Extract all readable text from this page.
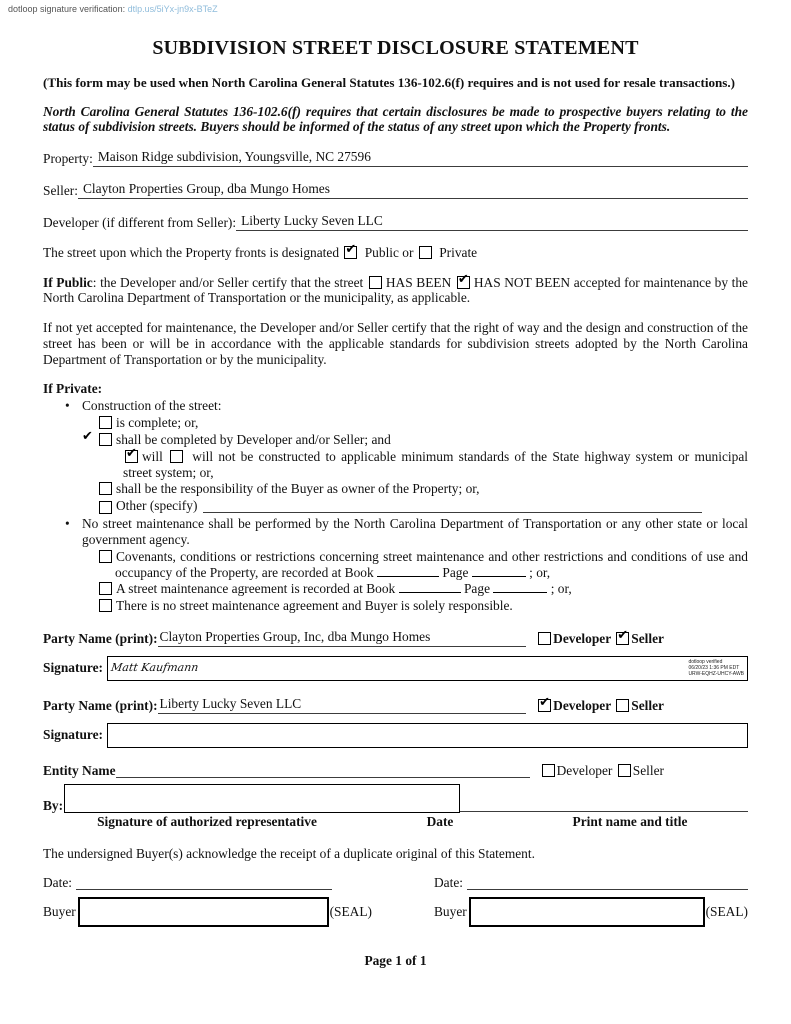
dotloop signature verification: dtlp.us/5iYx-jn9x-BTeZ
SUBDIVISION STREET DISCLOSURE STATEMENT
(This form may be used when North Carolina General Statutes 136-102.6(f) requires and is not used for resale transactions.)
North Carolina General Statutes 136-102.6(f) requires that certain disclosures be made to prospective buyers relating to the status of subdivision streets. Buyers should be informed of the status of any street upon which the Property fronts.
Property: Maison Ridge subdivision, Youngsville, NC 27596
Seller: Clayton Properties Group, dba Mungo Homes
Developer (if different from Seller): Liberty Lucky Seven LLC
The street upon which the Property fronts is designated ✔ Public or Private
If Public: the Developer and/or Seller certify that the street
HAS BEEN ✔ HAS NOT BEEN accepted for maintenance by the North Carolina Department of Transportation or the municipality, as applicable.
If not yet accepted for maintenance, the Developer and/or Seller certify that the right of way and the design and construction of the street has been or will be in accordance with the applicable standards for subdivision streets adopted by the North Carolina Department of Transportation or by the municipality.
If Private:
• Construction of the street:
is complete; or,
✔	shall be completed by Developer and/or Seller; and
✔ will
will not be constructed to applicable minimum standards of the State highway system or municipal street system; or,
shall be the responsibility of the Buyer as owner of the Property; or,
Other (specify)
• No street maintenance shall be performed by the North Carolina Department of Transportation or any other state or local government agency.
Covenants, conditions or restrictions concerning street maintenance and other restrictions and conditions of use and occupancy of the Property, are recorded at Book	Page	; or,
A street maintenance agreement is recorded at Book	Page	; or,
There is no street maintenance agreement and Buyer is solely responsible.
Party Name (print): Clayton Properties Group, Inc, dba Mungo Homes	Developer ✔ Seller
Signature: Matt Kaufmann	dotloop verified
06/20/23 1:36 PM EDT
URW-EQHZ-UHCY-AWB
Party Name (print): Liberty Lucky Seven LLC	✔ Developer Seller
Signature:
Entity Name	Developer Seller
By:
Signature of authorized representative	Date	Print name and title
The undersigned Buyer(s) acknowledge the receipt of a duplicate original of this Statement.
Date:
Buyer	(SEAL)
Date:
Buyer	(SEAL)
Page 1 of 1
